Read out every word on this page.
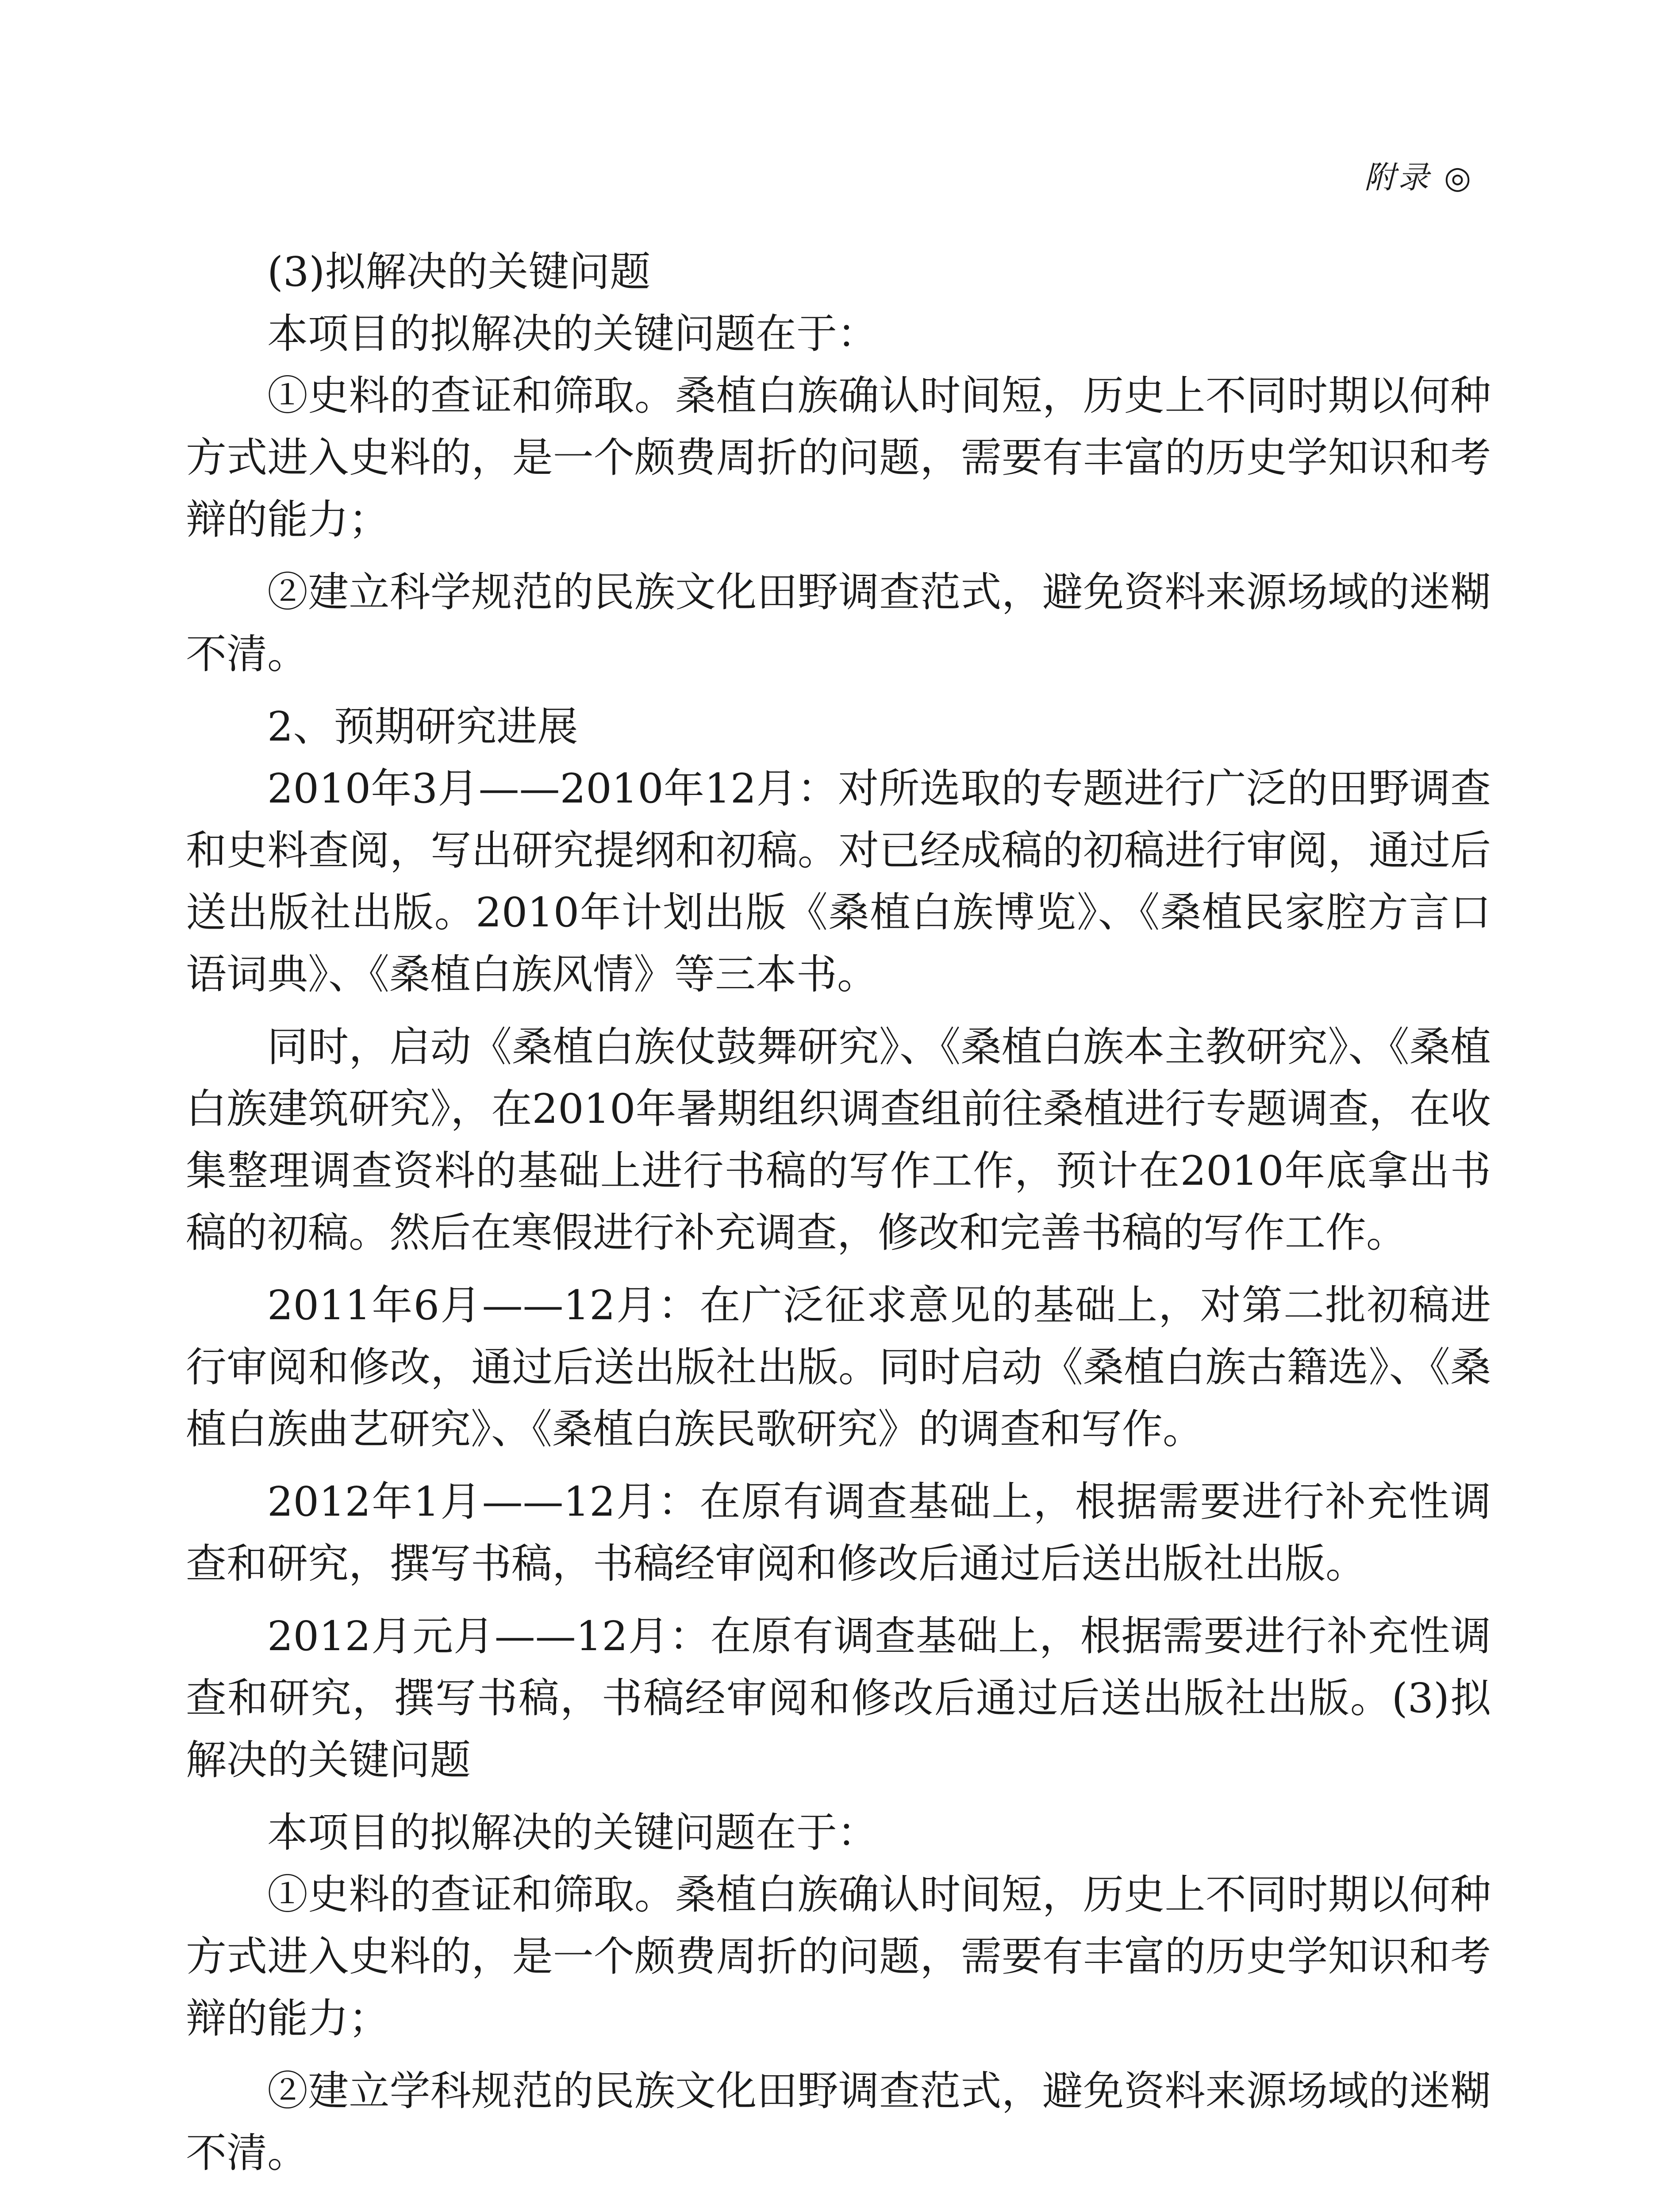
附录 ◎

(3)拟解决的关键问题

本项目的拟解决的关键问题在于：

①史料的查证和筛取。桑植白族确认时间短，历史上不同时期以何种方式进入史料的，是一个颇费周折的问题，需要有丰富的历史学知识和考辩的能力；

②建立科学规范的民族文化田野调查范式，避免资料来源场域的迷糊不清。

2、预期研究进展

2010年3月——2010年12月：对所选取的专题进行广泛的田野调查和史料查阅，写出研究提纲和初稿。对已经成稿的初稿进行审阅，通过后送出版社出版。2010年计划出版《桑植白族博览》、《桑植民家腔方言口语词典》、《桑植白族风情》等三本书。

同时，启动《桑植白族仗鼓舞研究》、《桑植白族本主教研究》、《桑植白族建筑研究》，在2010年暑期组织调查组前往桑植进行专题调查，在收集整理调查资料的基础上进行书稿的写作工作，预计在2010年底拿出书稿的初稿。然后在寒假进行补充调查，修改和完善书稿的写作工作。

2011年6月——12月：在广泛征求意见的基础上，对第二批初稿进行审阅和修改，通过后送出版社出版。同时启动《桑植白族古籍选》、《桑植白族曲艺研究》、《桑植白族民歌研究》的调查和写作。

2012年1月——12月：在原有调查基础上，根据需要进行补充性调查和研究，撰写书稿，书稿经审阅和修改后通过后送出版社出版。

2012月元月——12月：在原有调查基础上，根据需要进行补充性调查和研究，撰写书稿，书稿经审阅和修改后通过后送出版社出版。(3)拟解决的关键问题

本项目的拟解决的关键问题在于：

①史料的查证和筛取。桑植白族确认时间短，历史上不同时期以何种方式进入史料的，是一个颇费周折的问题，需要有丰富的历史学知识和考辩的能力；

②建立学科规范的民族文化田野调查范式，避免资料来源场域的迷糊不清。
